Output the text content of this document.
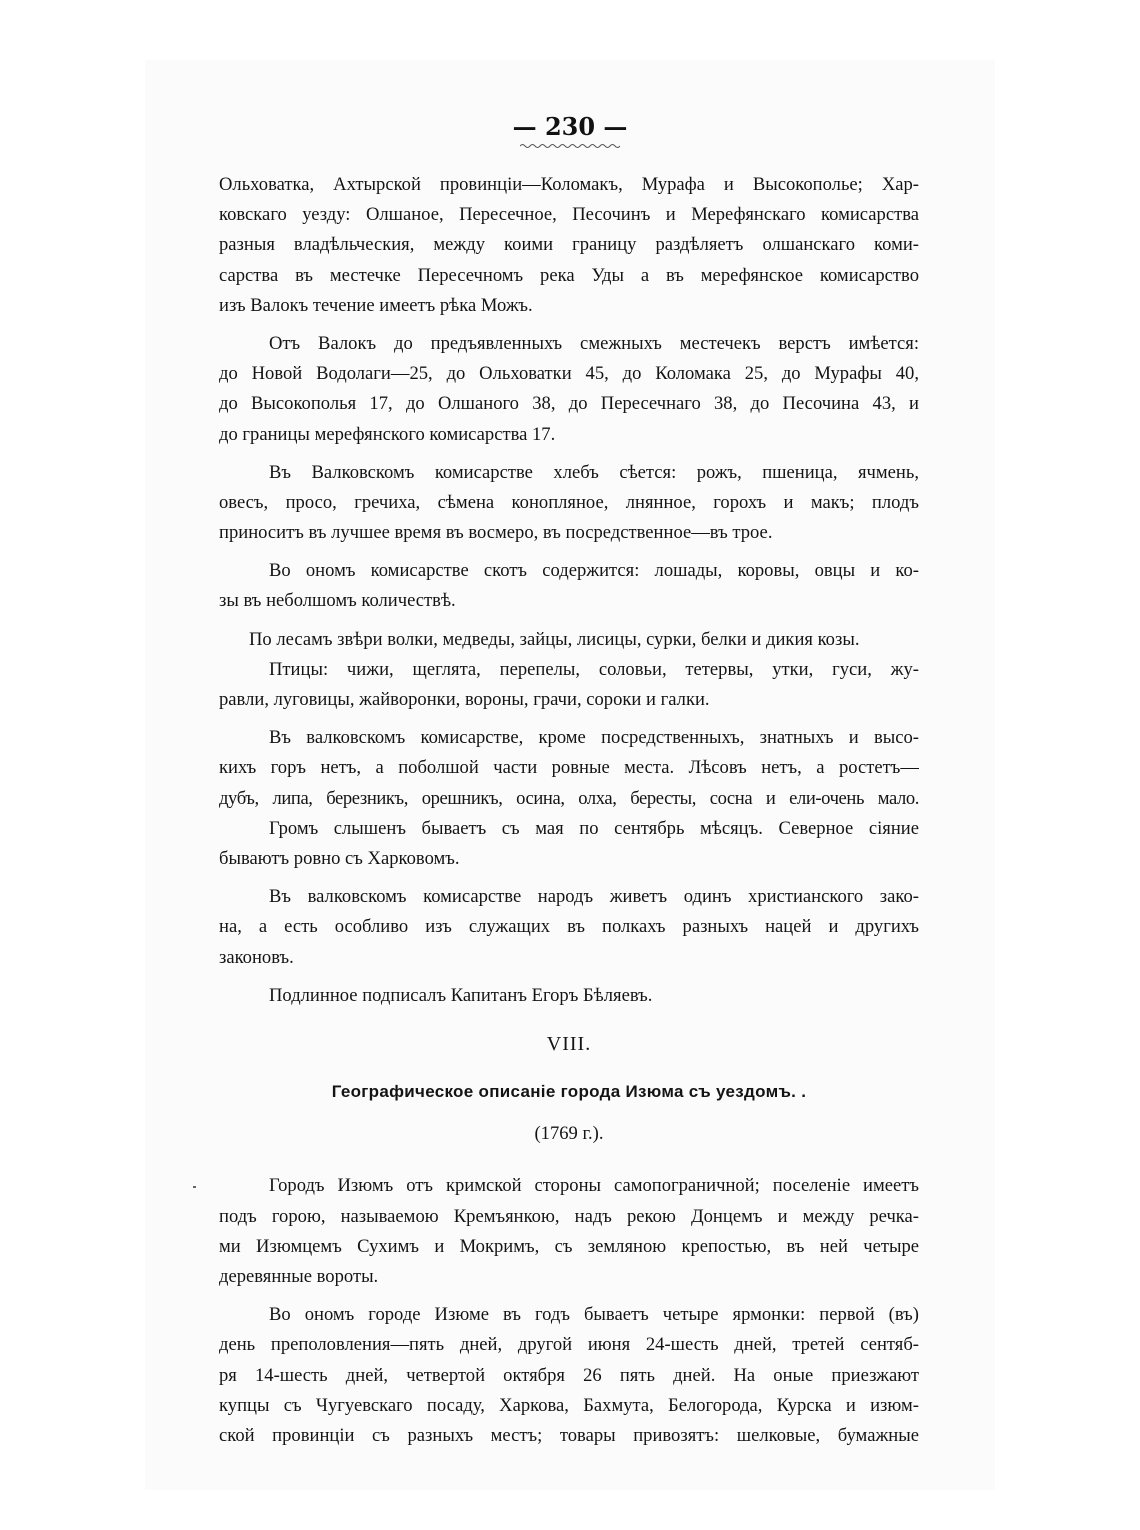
— 230 —
Ольховатка, Ахтырской провинціи—Коломакъ, Мурафа и Высокополье; Хар-
ковскаго уезду: Олшаное, Пересечное, Песочинъ и Мерефянскаго комисарства
разныя владѣльческия, между коими границу раздѣляетъ олшанскаго коми-
сарства въ местечке Пересечномъ река Уды а въ мерефянское комисарство
изъ Валокъ течение имеетъ рѣка Можъ.
Отъ Валокъ до предъявленныхъ смежныхъ местечекъ верстъ имѣется:
до Новой Водолаги—25, до Ольховатки 45, до Коломака 25, до Мурафы 40,
до Высокополья 17, до Олшаного 38, до Пересечнаго 38, до Песочина 43, и
до границы мерефянского комисарства 17.
Въ Валковскомъ комисарстве хлебъ сѣется: рожъ, пшеница, ячмень,
овесъ, просо, гречиха, сѣмена конопляное, лнянное, горохъ и макъ; плодъ
приноситъ въ лучшее время въ восмеро, въ посредственное—въ трое.
Во ономъ комисарстве скотъ содержится: лошады, коровы, овцы и ко-
зы въ неболшомъ количествѣ.
По лесамъ звѣри волки, медведы, зайцы, лисицы, сурки, белки и дикия козы.
Птицы: чижи, щеглята, перепелы, соловьи, тетервы, утки, гуси, жу-
равли, луговицы, жайворонки, вороны, грачи, сороки и галки.
Въ валковскомъ комисарстве, кроме посредственныхъ, знатныхъ и высо-
кихъ горъ нетъ, а поболшой части ровные места. Лѣсовъ нетъ, а ростетъ—
дубъ, липа, березникъ, орешникъ, осина, олха, бересты, сосна и ели-очень мало.
Громъ слышенъ бываетъ съ мая по сентябрь мѣсяцъ. Северное сіяние
бываютъ ровно съ Харковомъ.
Въ валковскомъ комисарстве народъ живетъ одинъ христианского зако-
на, а есть особливо изъ служащих въ полкахъ разныхъ нацей и другихъ
законовъ.
Подлинное подписалъ Капитанъ Егоръ Бѣляевъ.
VIII.
Географическое описаніе города Изюма съ уездомъ. .
(1769 г.).
Городъ Изюмъ отъ кримской стороны самопограничной; поселеніе имеетъ
подъ горою, называемою Кремъянкою, надъ рекою Донцемъ и между речка-
ми Изюмцемъ Сухимъ и Мокримъ, съ земляною крепостью, въ ней четыре
деревянные вороты.
Во ономъ городе Изюме въ годъ бываетъ четыре ярмонки: первой (въ)
день преполовления—пять дней, другой июня 24-шесть дней, третей сентяб-
ря 14-шесть дней, четвертой октября 26 пять дней. На оные приезжают
купцы съ Чугуевскаго посаду, Харкова, Бахмута, Белогорода, Курска и изюм-
ской провинціи съ разныхъ местъ; товары привозятъ: шелковые, бумажные
